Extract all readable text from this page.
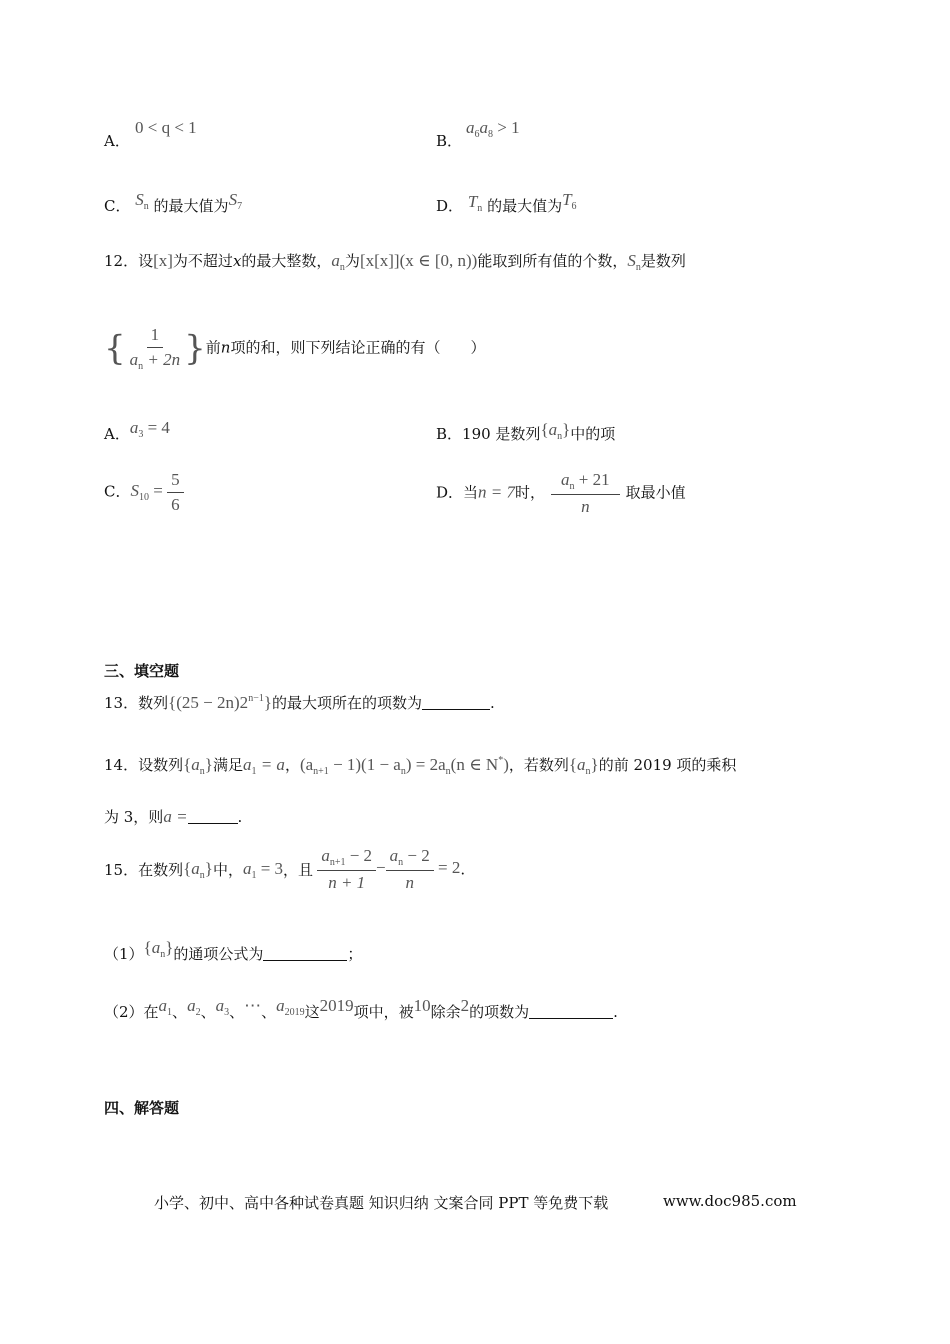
A．
0 < q < 1
B．
$a_6a_8 > 1$
C． $S_n$ 的最大值为$S_7$	D． $T_n$ 的最大值为$T_6$
12．设[x]为不超过x的最大整数，$a_n$为[x[x]](x ∈ [0, n))能取到所有值的个数，$S_n$是数列
{ $\frac{1}{a_n + 2n}$ }前n项的和，则下列结论正确的有（　　）
A．$a_3 = 4$	B．190 是数列$\{a_n\}$中的项
C．$S_{10} = \frac{5}{6}$	D．当n = 7时， $\frac{a_n + 21}{n}$ 取最小值
三、填空题
13．数列$\{(25 - 2n)2^{n-1}\}$的最大项所在的项数为	.
14．设数列$\{a_n\}$满足$a_1 = a$，$(a_{n+1} - 1)(1 - a_n) = 2a_n(n$ ∈ N*)，若数列$\{a_n\}$的前 2019 项的乘积
为 3，则a =	.
15．在数列$\{a_n\}$中，$a_1 = 3$，且 $\frac{a_{n+1} - 2}{n + 1} - \frac{a_n - 2}{n} = 2$.
$(1)\{a_n\}$的通项公式为	；
（2）在$a_1$、$a_2$、$a_3$、⋯、$a_{2019}$这2019项中，被10除余2的项数为	.
四、解答题
小学、初中、高中各种试卷真题 知识归纳 文案合同 PPT 等免费下载	www.doc985.com
